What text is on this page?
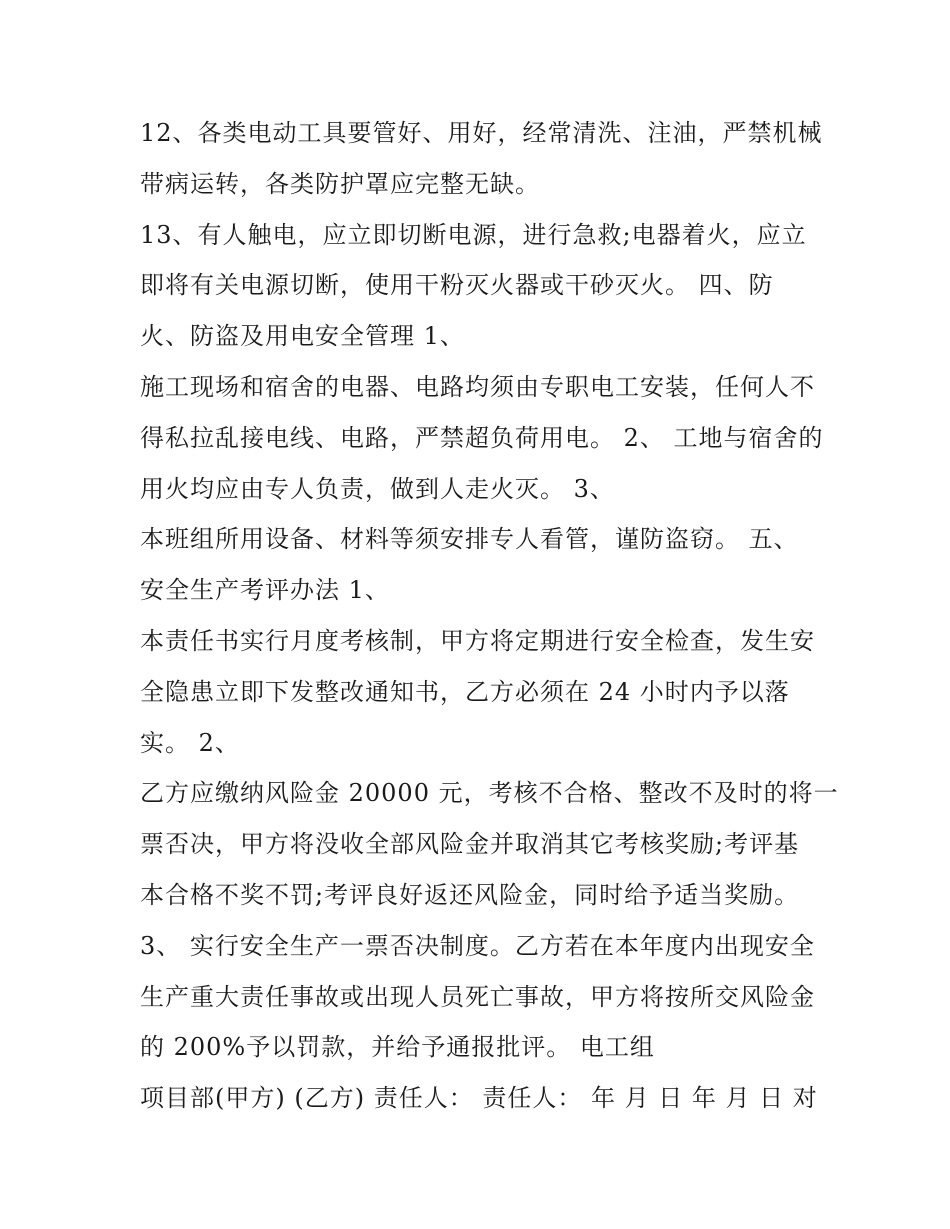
12、各类电动工具要管好、用好，经常清洗、注油，严禁机械
带病运转，各类防护罩应完整无缺。
13、有人触电，应立即切断电源，进行急救;电器着火，应立
即将有关电源切断，使用干粉灭火器或干砂灭火。 四、防
火、防盗及用电安全管理 1、
施工现场和宿舍的电器、电路均须由专职电工安装，任何人不
得私拉乱接电线、电路，严禁超负荷用电。 2、 工地与宿舍的
用火均应由专人负责，做到人走火灭。 3、
本班组所用设备、材料等须安排专人看管，谨防盗窃。 五、
安全生产考评办法 1、
本责任书实行月度考核制，甲方将定期进行安全检查，发生安
全隐患立即下发整改通知书，乙方必须在 24 小时内予以落
实。 2、
乙方应缴纳风险金 20000 元，考核不合格、整改不及时的将一
票否决，甲方将没收全部风险金并取消其它考核奖励;考评基
本合格不奖不罚;考评良好返还风险金，同时给予适当奖励。
3、 实行安全生产一票否决制度。乙方若在本年度内出现安全
生产重大责任事故或出现人员死亡事故，甲方将按所交风险金
的 200%予以罚款，并给予通报批评。 电工组
项目部(甲方) (乙方) 责任人： 责任人： 年 月 日 年 月 日 对
